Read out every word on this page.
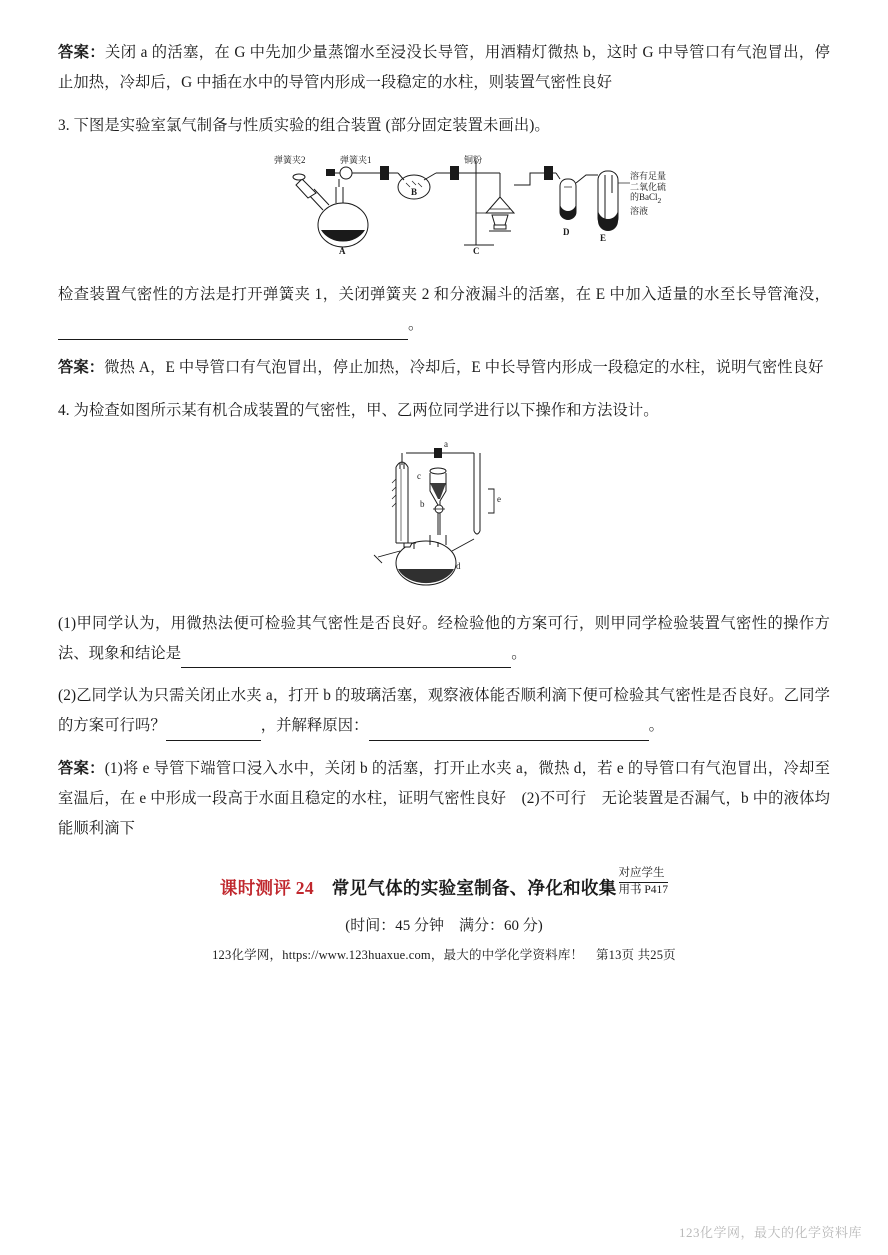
答案：关闭 a 的活塞，在 G 中先加少量蒸馏水至浸没长导管，用酒精灯微热 b，这时 G 中导管口有气泡冒出，停止加热，冷却后，G 中插在水中的导管内形成一段稳定的水柱，则装置气密性良好

3. 下图是实验室氯气制备与性质实验的组合装置 (部分固定装置未画出)。

弹簧夹2	弹簧夹1	铜粉
溶有足量
二氧化硫
的BaCl$_2$
溶液
A
B
C
D
E

检查装置气密性的方法是打开弹簧夹 1，关闭弹簧夹 2 和分液漏斗的活塞，在 E 中加入适量的水至长导管淹没，。

答案：微热 A，E 中导管口有气泡冒出，停止加热，冷却后，E 中长导管内形成一段稳定的水柱，说明气密性良好

4. 为检查如图所示某有机合成装置的气密性，甲、乙两位同学进行以下操作和方法设计。

a
c
b	e
d

(1)甲同学认为，用微热法便可检验其气密性是否良好。经检验他的方案可行，则甲同学检验装置气密性的操作方法、现象和结论是	。

(2)乙同学认为只需关闭止水夹 a，打开 b 的玻璃活塞，观察液体能否顺利滴下便可检验其气密性是否良好。乙同学的方案可行吗？	，并解释原因：	。

答案：(1)将 e 导管下端管口浸入水中，关闭 b 的活塞，打开止水夹 a，微热 d，若 e 的导管口有气泡冒出，冷却至室温后，在 e 中形成一段高于水面且稳定的水柱，证明气密性良好　(2)不可行　无论装置是否漏气，b 中的液体均能顺利滴下

课时测评 24　 常见气体的实验室制备、净化和收集
对应学生
用书 P417
(时间：45 分钟　满分：60 分)
123化学网，https://www.123huaxue.com，最大的中学化学资料库！　第13页 共25页
123化学网，最大的化学资料库
